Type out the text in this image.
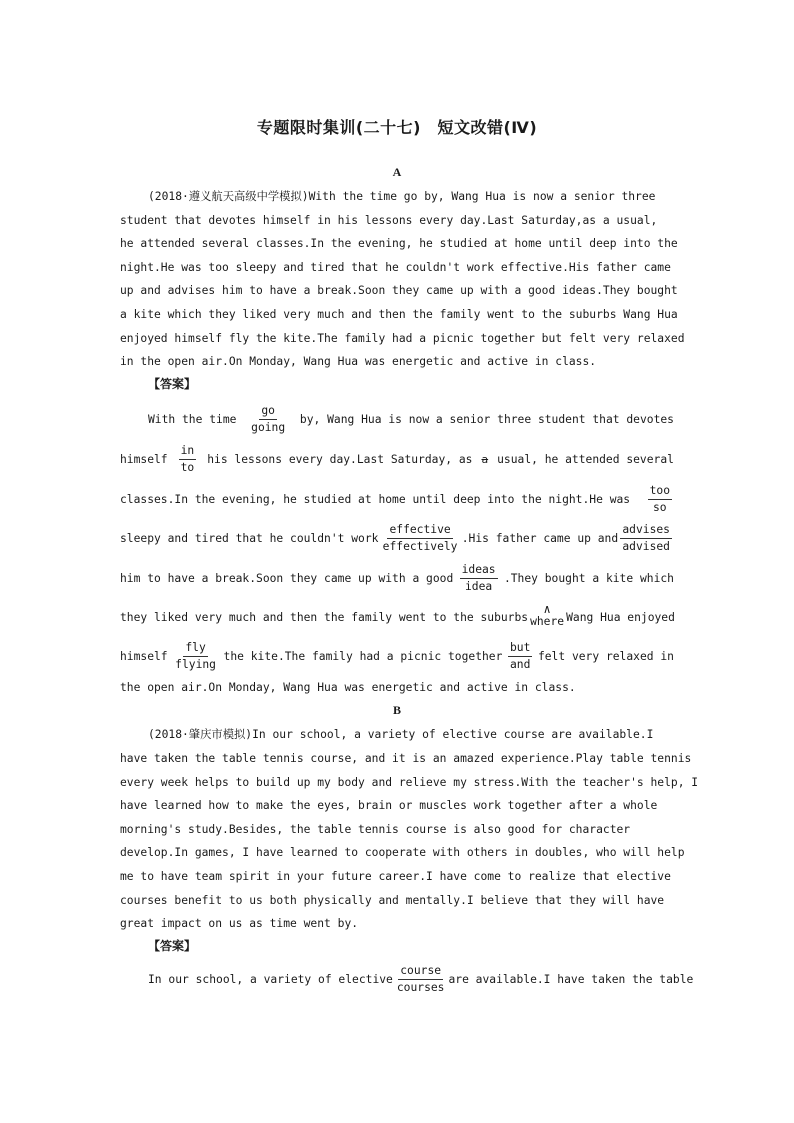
专题限时集训(二十七)　短文改错(Ⅳ)
A
(2018·遵义航天高级中学模拟)With the time go by, Wang Hua is now a senior three
student that devotes himself in his lessons every day.Last Saturday,as a usual,
he attended several classes.In the evening, he studied at home until deep into the
night.He was too sleepy and tired that he couldn't work effective.His father came
up and advises him to have a break.Soon they came up with a good ideas.They bought
a kite which they liked very much and then the family went to the suburbs Wang Hua
enjoyed himself fly the kite.The family had a picnic together but felt very relaxed
in the open air.On Monday, Wang Hua was energetic and active in class.
【答案】
With the time $\frac{go}{\text{going}}$ by, Wang Hua is now a senior three student that devotes
himself $\frac{in}{to}$ his lessons every day.Last Saturday, as a usual, he attended several
classes.In the evening, he studied at home until deep into the night.He was $\frac{\text{too}}{so}$
sleepy and tired that he couldn't work $\frac{\text{effective}}{\text{effectively}} .His$ father came up and $\frac{\text{advises}}{\text{advised}}$
him to have a break.Soon they came up with a good $\frac{\text{ideas}}{\text{idea}}$ .They bought a kite which
they liked very much and then the family went to the suburbs
∧
where Wang Hua enjoyed
himself $\frac{\text{fly}}{\text{flying}}$ the kite.The family had a picnic together $\frac{\text{but}}{\text{and}}$ felt very relaxed in
the open air.On Monday, Wang Hua was energetic and active in class.
B
(2018·肇庆市模拟)In our school, a variety of elective course are available.I
have taken the table tennis course, and it is an amazed experience.Play table tennis
every week helps to build up my body and relieve my stress.With the teacher's help, I
have learned how to make the eyes, brain or muscles work together after a whole
morning's study.Besides, the table tennis course is also good for character
develop.In games, I have learned to cooperate with others in doubles, who will help
me to have team spirit in your future career.I have come to realize that elective
courses benefit to us both physically and mentally.I believe that they will have
great impact on us as time went by.
【答案】
In our school, a variety of elective $\frac{\text{course}}{\text{courses}}$ are available.I have taken the table
